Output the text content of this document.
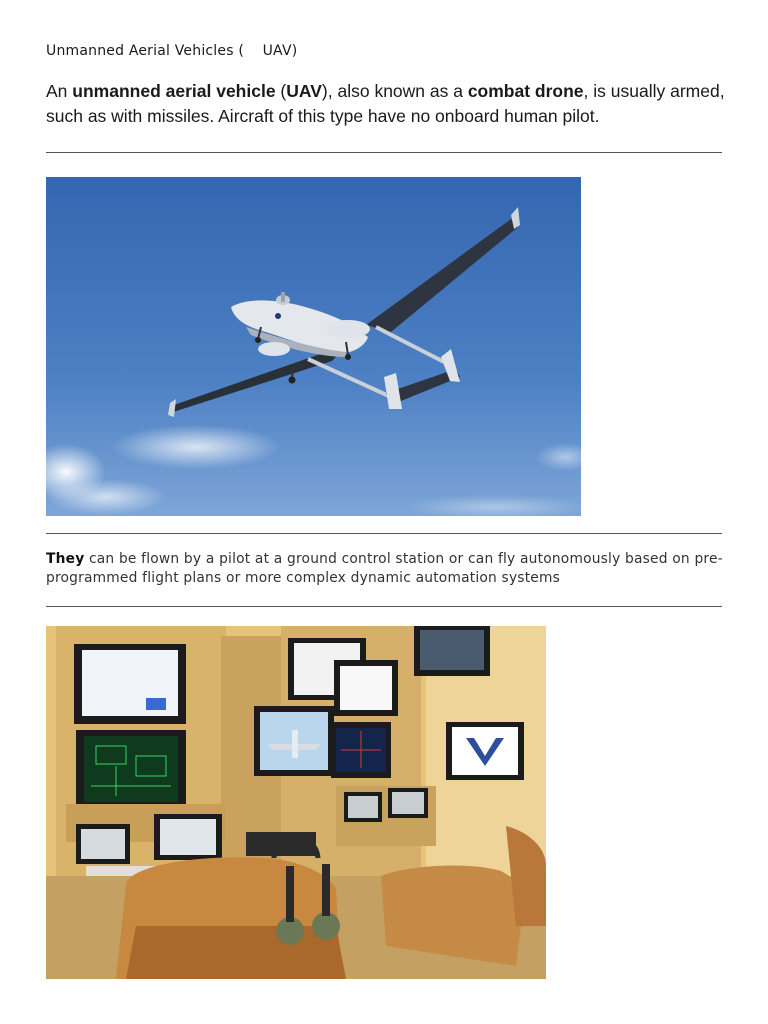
Unmanned Aerial Vehicles (    UAV)

An unmanned aerial vehicle (UAV), also known as a combat drone, is usually armed, such as with missiles. Aircraft of this type have no onboard human pilot.

They can be flown by a pilot at a ground control station or can fly autonomously based on pre-programmed flight plans or more complex dynamic automation systems
